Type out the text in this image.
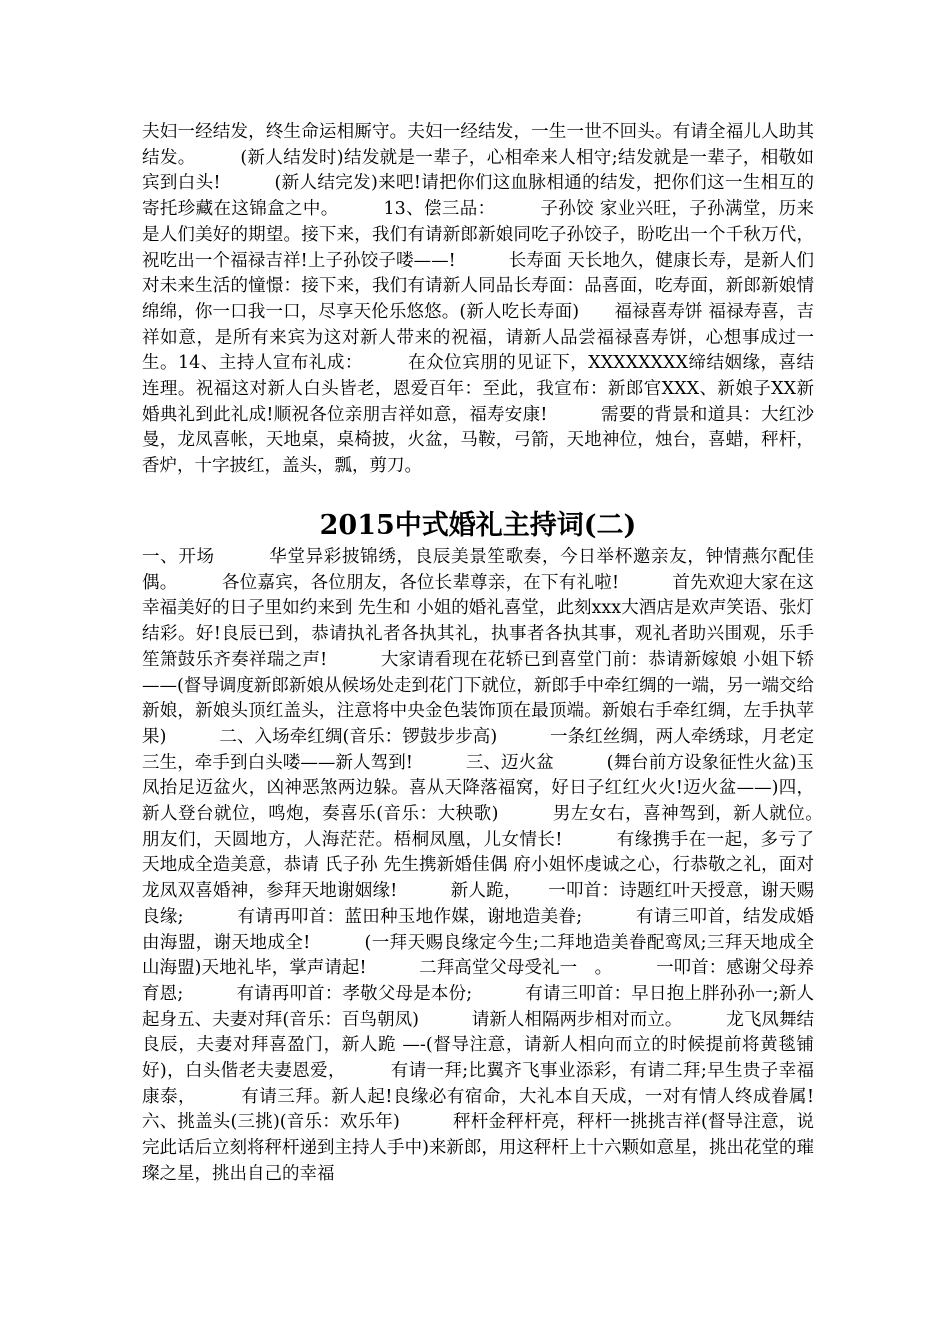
夫妇一经结发，终生命运相厮守。夫妇一经结发，一生一世不回头。有请全福儿人助其结发。　　　(新人结发时)结发就是一辈子，心相牵来人相守;结发就是一辈子，相敬如宾到白头!　　　(新人结完发)来吧!请把你们这血脉相通的结发，把你们这一生相互的寄托珍藏在这锦盒之中。　　　13、偿三品：　　　子孙饺 家业兴旺，子孙满堂，历来是人们美好的期望。接下来，我们有请新郎新娘同吃子孙饺子，盼吃出一个千秋万代，祝吃出一个福禄吉祥!上子孙饺子喽——!　　　长寿面 天长地久，健康长寿，是新人们对未来生活的憧憬：接下来，我们有请新人同品长寿面：品喜面，吃寿面，新郎新娘情绵绵，你一口我一口，尽享天伦乐悠悠。(新人吃长寿面)　　福禄喜寿饼 福禄寿喜，吉祥如意，是所有来宾为这对新人带来的祝福，请新人品尝福禄喜寿饼，心想事成过一生。14、主持人宣布礼成：　　　在众位宾朋的见证下，XXXXXXXX缔结姻缘，喜结连理。祝福这对新人白头皆老，恩爱百年：至此，我宣布：新郎官XXX、新娘子XX新婚典礼到此礼成!顺祝各位亲朋吉祥如意，福寿安康!　　　需要的背景和道具：大红沙曼，龙凤喜帐，天地桌，桌椅披，火盆，马鞍，弓箭，天地神位，烛台，喜蜡，秤杆，香炉，十字披红，盖头，瓢，剪刀。

2015中式婚礼主持词(二)

一、开场　　　华堂异彩披锦绣，良辰美景笙歌奏，今日举杯邀亲友，钟情燕尔配佳偶。　　　各位嘉宾，各位朋友，各位长辈尊亲，在下有礼啦!　　　首先欢迎大家在这幸福美好的日子里如约来到 先生和 小姐的婚礼喜堂，此刻xxx大酒店是欢声笑语、张灯结彩。好!良辰已到，恭请执礼者各执其礼，执事者各执其事，观礼者助兴围观，乐手笙箫鼓乐齐奏祥瑞之声!　　　大家请看现在花轿已到喜堂门前：恭请新嫁娘 小姐下轿——(督导调度新郎新娘从候场处走到花门下就位，新郎手中牵红绸的一端，另一端交给新娘，新娘头顶红盖头，注意将中央金色装饰顶在最顶端。新娘右手牵红绸，左手执苹果)　　　二、入场牵红绸(音乐：锣鼓步步高)　　　一条红丝绸，两人牵绣球，月老定三生，牵手到白头喽——新人驾到!　　　三、迈火盆　　　(舞台前方设象征性火盆)玉凤抬足迈盆火，凶神恶煞两边躲。喜从天降落福窝，好日子红红火火!迈火盆——)四，新人登台就位，鸣炮，奏喜乐(音乐：大秧歌)　　　男左女右，喜神驾到，新人就位。　　　朋友们，天圆地方，人海茫茫。梧桐凤凰，儿女情长!　　　有缘携手在一起，多亏了天地成全造美意，恭请 氏子孙 先生携新婚佳偶 府小姐怀虔诚之心，行恭敬之礼，面对龙凤双喜婚神，参拜天地谢姻缘!　　　新人跪，　　一叩首：诗题红叶天授意，谢天赐良缘;　　　有请再叩首：蓝田种玉地作媒，谢地造美眷;　　　有请三叩首，结发成婚由海盟，谢天地成全!　　　(一拜天赐良缘定今生;二拜地造美眷配鸾凤;三拜天地成全山海盟)天地礼毕，掌声请起!　　　二拜高堂父母受礼一　。　　　一叩首：感谢父母养育恩;　　　有请再叩首：孝敬父母是本份;　　　有请三叩首：早日抱上胖孙孙一;新人起身五、夫妻对拜(音乐：百鸟朝凤)　　　请新人相隔两步相对而立。　　　龙飞凤舞结良辰，夫妻对拜喜盈门，新人跪 —-(督导注意，请新人相向而立的时候提前将黄毯铺好)，白头偕老夫妻恩爱，　　　有请一拜;比翼齐飞事业添彩，有请二拜;早生贵子幸福康泰，　　　有请三拜。新人起!良缘必有宿命，大礼本自天成，一对有情人终成眷属!　　　六、挑盖头(三挑)(音乐：欢乐年)　　　秤杆金秤杆亮，秤杆一挑挑吉祥(督导注意，说完此话后立刻将秤杆递到主持人手中)来新郎，用这秤杆上十六颗如意星，挑出花堂的璀璨之星，挑出自己的幸福
